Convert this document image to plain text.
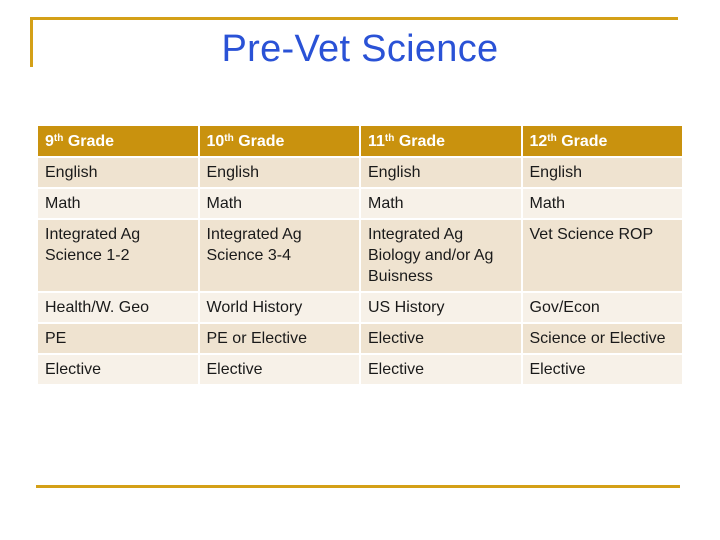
Pre-Vet Science
9th Grade	10th Grade	11th Grade	12th Grade
English	English	English	English
Math	Math	Math	Math
Integrated Ag Science 1-2	Integrated Ag Science 3-4	Integrated Ag Biology and/or Ag Buisness	Vet Science ROP
Health/W. Geo	World History	US History	Gov/Econ
PE	PE or Elective	Elective	Science or Elective
Elective	Elective	Elective	Elective
